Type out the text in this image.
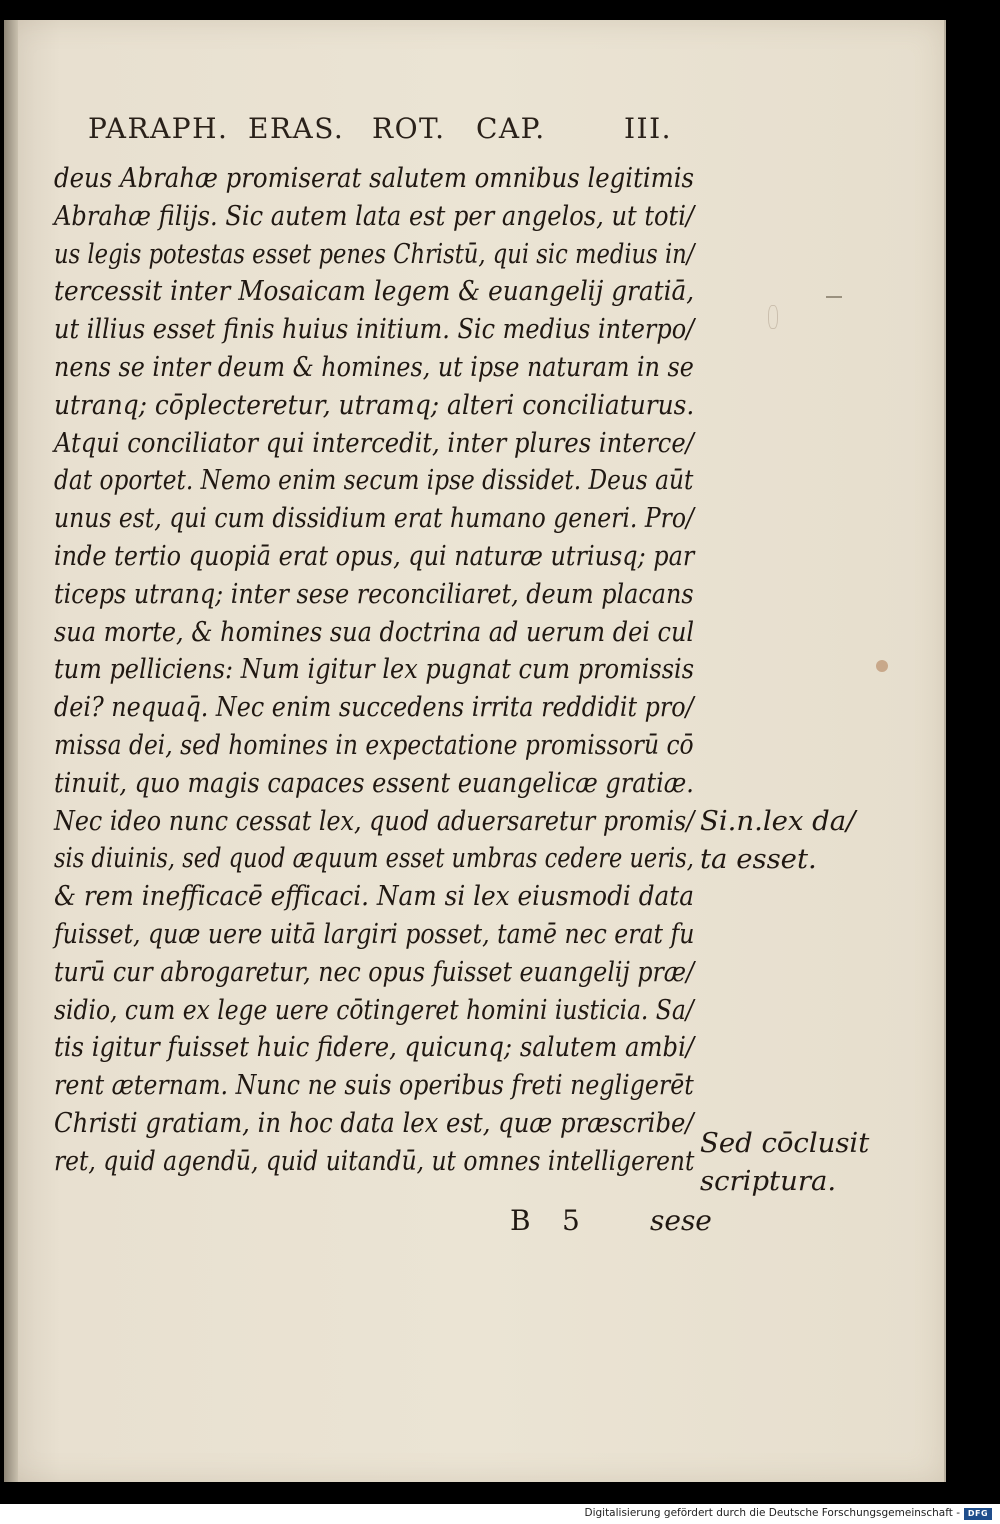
PARAPH. ERAS. ROT. CAP.	III.
deus Abrahæ promiserat salutem omnibus legitimis
Abrahæ filijs. Sic autem lata est per angelos, ut toti/
us legis potestas esset penes Christū, qui sic medius in/
tercessit inter Mosaicam legem & euangelij gratiā,
ut illius esset finis huius initium. Sic medius interpo/
nens se inter deum & homines, ut ipse naturam in se
utranq; cōplecteretur, utramq; alteri conciliaturus.
Atqui conciliator qui intercedit, inter plures interce/
dat oportet. Nemo enim secum ipse dissidet. Deus aūt
unus est, qui cum dissidium erat humano generi. Pro/
inde tertio quopiā erat opus, qui naturæ utriusq; par
ticeps utranq; inter sese reconciliaret, deum placans
sua morte, & homines sua doctrina ad uerum dei cul
tum pelliciens: Num igitur lex pugnat cum promissis
dei? nequaq̄. Nec enim succedens irrita reddidit pro/
missa dei, sed homines in expectatione promissorū cō
tinuit, quo magis capaces essent euangelicæ gratiæ.
Nec ideo nunc cessat lex, quod aduersaretur promis/
sis diuinis, sed quod æquum esset umbras cedere ueris,
& rem inefficacē efficaci. Nam si lex eiusmodi data
fuisset, quæ uere uitā largiri posset, tamē nec erat fu
turū cur abrogaretur, nec opus fuisset euangelij præ/
sidio, cum ex lege uere cōtingeret homini iusticia. Sa/
tis igitur fuisset huic fidere, quicunq; salutem ambi/
rent æternam. Nunc ne suis operibus freti negligerēt
Christi gratiam, in hoc data lex est, quæ præscribe/
ret, quid agendū, quid uitandū, ut omnes intelligerent
Si.n.lex da/
ta esset.
Sed cōclusit
scriptura.
B 5	sese
Digitalisierung gefördert durch die Deutsche Forschungsgemeinschaft - DFG
